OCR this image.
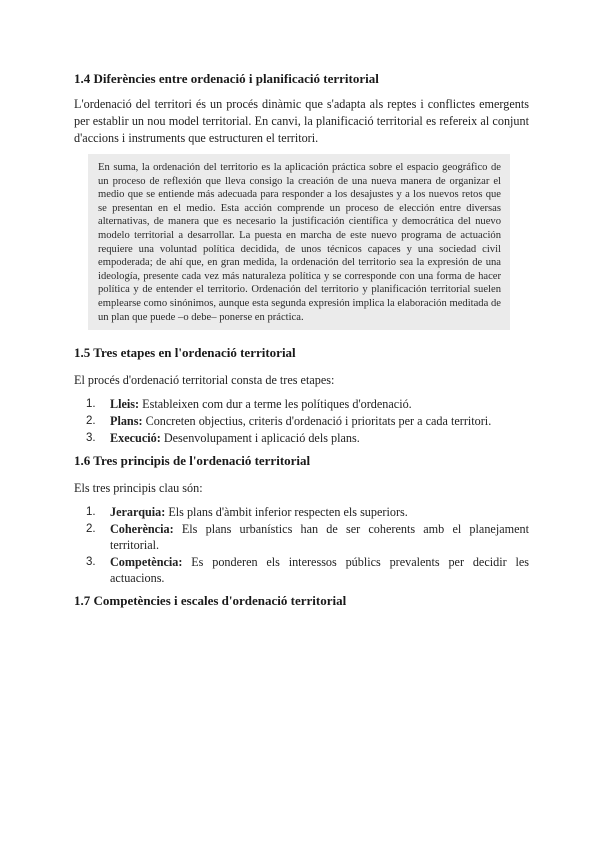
1.4 Diferències entre ordenació i planificació territorial

L'ordenació del territori és un procés dinàmic que s'adapta als reptes i conflictes emergents per establir un nou model territorial. En canvi, la planificació territorial es refereix al conjunt d'accions i instruments que estructuren el territori.

En suma, la ordenación del territorio es la aplicación práctica sobre el espacio geográfico de un proceso de reflexión que lleva consigo la creación de una nueva manera de organizar el medio que se entiende más adecuada para responder a los desajustes y a los nuevos retos que se presentan en el medio. Esta acción comprende un proceso de elección entre diversas alternativas, de manera que es necesario la justificación científica y democrática del nuevo modelo territorial a desarrollar. La puesta en marcha de este nuevo programa de actuación requiere una voluntad política decidida, de unos técnicos capaces y una sociedad civil empoderada; de ahí que, en gran medida, la ordenación del territorio sea la expresión de una ideología, presente cada vez más naturaleza política y se corresponde con una forma de hacer política y de entender el territorio. Ordenación del territorio y planificación territorial suelen emplearse como sinónimos, aunque esta segunda expresión implica la elaboración meditada de un plan que puede –o debe– ponerse en práctica.

1.5 Tres etapes en l'ordenació territorial

El procés d'ordenació territorial consta de tres etapes:

1. Lleis: Estableixen com dur a terme les polítiques d'ordenació.
2. Plans: Concreten objectius, criteris d'ordenació i prioritats per a cada territori.
3. Execució: Desenvolupament i aplicació dels plans.
1.6 Tres principis de l'ordenació territorial

Els tres principis clau són:

1. Jerarquia: Els plans d'àmbit inferior respecten els superiors.
2. Coherència: Els plans urbanístics han de ser coherents amb el planejament territorial.
3. Competència: Es ponderen els interessos públics prevalents per decidir les actuacions.
1.7 Competències i escales d'ordenació territorial
